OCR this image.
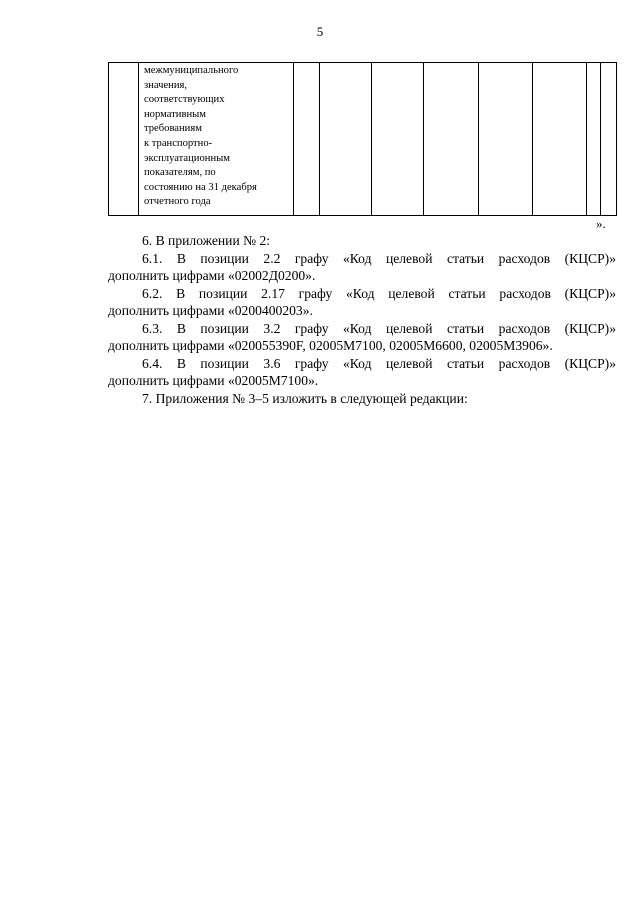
5

межмуниципального
значения,
соответствующих
нормативным
требованиям
к транспортно-
эксплуатационным
показателям, по
состоянию на 31 декабря
отчетного года

».

6. В приложении № 2:

6.1. В позиции 2.2 графу «Код целевой статьи расходов (КЦСР)»

дополнить цифрами «02002Д0200».

6.2. В позиции 2.17 графу «Код целевой статьи расходов (КЦСР)»

дополнить цифрами «0200400203».

6.3. В позиции 3.2 графу «Код целевой статьи расходов (КЦСР)»

дополнить цифрами «020055390F, 02005M7100, 02005M6600, 02005M3906».

6.4. В позиции 3.6 графу «Код целевой статьи расходов (КЦСР)»

дополнить цифрами «02005M7100».

7. Приложения № 3–5 изложить в следующей редакции:
